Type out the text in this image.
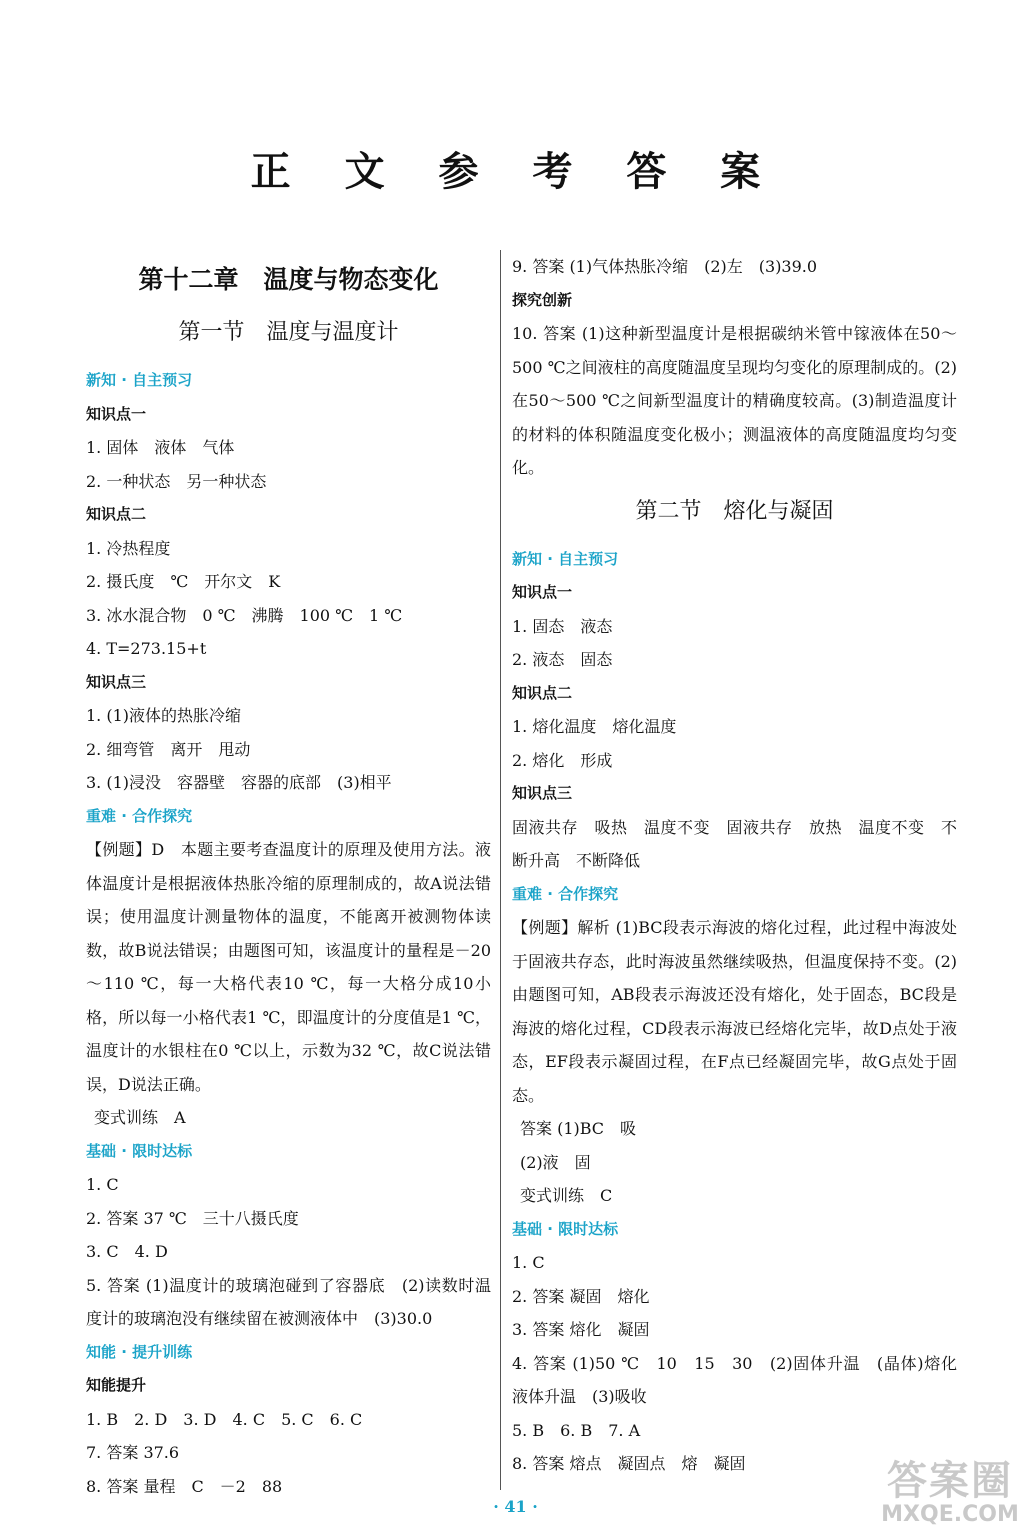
正 文 参 考 答 案
第十二章　温度与物态变化
第一节　温度与温度计
新知 · 自主预习
知识点一
1. 固体　液体　气体
2. 一种状态　另一种状态
知识点二
1. 冷热程度
2. 摄氏度　℃　开尔文　K
3. 冰水混合物　0 ℃　沸腾　100 ℃　1 ℃
4. T=273.15+t
知识点三
1. (1)液体的热胀冷缩
2. 细弯管　离开　甩动
3. (1)浸没　容器壁　容器的底部　(3)相平
重难 · 合作探究
【例题】D　本题主要考查温度计的原理及使用方法。液体温度计是根据液体热胀冷缩的原理制成的，故A说法错误；使用温度计测量物体的温度，不能离开被测物体读数，故B说法错误；由题图可知，该温度计的量程是－20～110 ℃，每一大格代表10 ℃，每一大格分成10小格，所以每一小格代表1 ℃，即温度计的分度值是1 ℃，温度计的水银柱在0 ℃以上，示数为32 ℃，故C说法错误，D说法正确。
变式训练　A
基础 · 限时达标
1. C
2. 答案 37 ℃　三十八摄氏度
3. C　4. D
5. 答案 (1)温度计的玻璃泡碰到了容器底　(2)读数时温度计的玻璃泡没有继续留在被测液体中　(3)30.0
知能 · 提升训练
知能提升
1. B　2. D　3. D　4. C　5. C　6. C
7. 答案 37.6
8. 答案 量程　C　－2　88
9. 答案 (1)气体热胀冷缩　(2)左　(3)39.0
探究创新
10. 答案 (1)这种新型温度计是根据碳纳米管中镓液体在50～500 ℃之间液柱的高度随温度呈现均匀变化的原理制成的。(2)在50～500 ℃之间新型温度计的精确度较高。(3)制造温度计的材料的体积随温度变化极小；测温液体的高度随温度均匀变化。
第二节　熔化与凝固
新知 · 自主预习
知识点一
1. 固态　液态
2. 液态　固态
知识点二
1. 熔化温度　熔化温度
2. 熔化　形成
知识点三
固液共存　吸热　温度不变　固液共存　放热　温度不变　不断升高　不断降低
重难 · 合作探究
【例题】解析 (1)BC段表示海波的熔化过程，此过程中海波处于固液共存态，此时海波虽然继续吸热，但温度保持不变。(2)由题图可知，AB段表示海波还没有熔化，处于固态，BC段是海波的熔化过程，CD段表示海波已经熔化完毕，故D点处于液态，EF段表示凝固过程，在F点已经凝固完毕，故G点处于固态。
答案 (1)BC　吸
(2)液　固
变式训练　C
基础 · 限时达标
1. C
2. 答案 凝固　熔化
3. 答案 熔化　凝固
4. 答案 (1)50 ℃　10　15　30　(2)固体升温　(晶体)熔化　液体升温　(3)吸收
5. B　6. B　7. A
8. 答案 熔点　凝固点　熔　凝固
· 41 ·
答案圈
MXQE.COM
